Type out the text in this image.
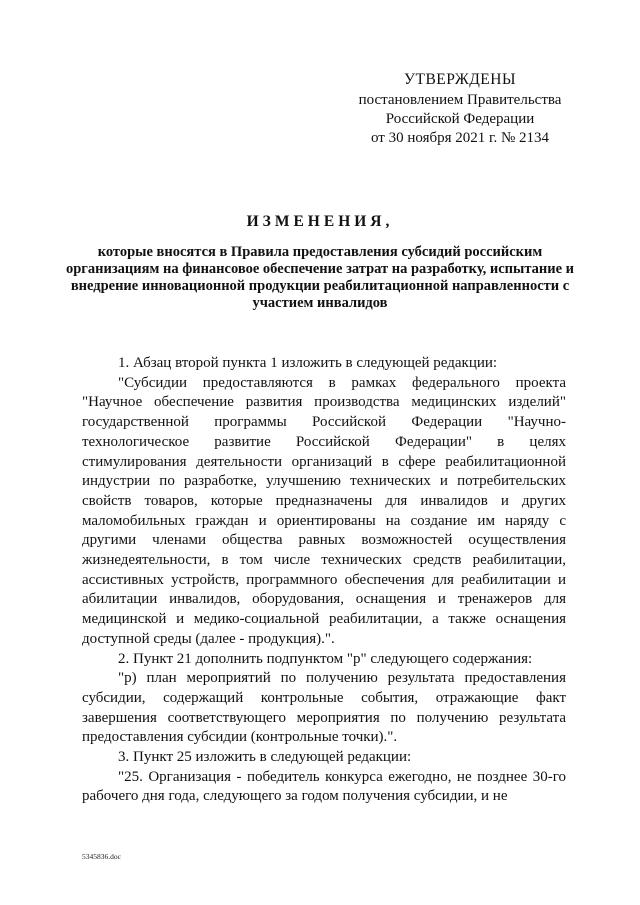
УТВЕРЖДЕНЫ
постановлением Правительства
Российской Федерации
от 30 ноября 2021 г. № 2134
ИЗМЕНЕНИЯ,
которые вносятся в Правила предоставления субсидий российским организациям на финансовое обеспечение затрат на разработку, испытание и внедрение инновационной продукции реабилитационной направленности с участием инвалидов

1. Абзац второй пункта 1 изложить в следующей редакции:

"Субсидии предоставляются в рамках федерального проекта "Научное обеспечение развития производства медицинских изделий" государственной программы Российской Федерации "Научно-технологическое развитие Российской Федерации" в целях стимулирования деятельности организаций в сфере реабилитационной индустрии по разработке, улучшению технических и потребительских свойств товаров, которые предназначены для инвалидов и других маломобильных граждан и ориентированы на создание им наряду с другими членами общества равных возможностей осуществления жизнедеятельности, в том числе технических средств реабилитации, ассистивных устройств, программного обеспечения для реабилитации и абилитации инвалидов, оборудования, оснащения и тренажеров для медицинской и медико-социальной реабилитации, а также оснащения доступной среды (далее - продукция).".

2. Пункт 21 дополнить подпунктом "р" следующего содержания:

"р) план мероприятий по получению результата предоставления субсидии, содержащий контрольные события, отражающие факт завершения соответствующего мероприятия по получению результата предоставления субсидии (контрольные точки).".

3. Пункт 25 изложить в следующей редакции:

"25. Организация - победитель конкурса ежегодно, не позднее 30-го рабочего дня года, следующего за годом получения субсидии, и не

5345836.doc
